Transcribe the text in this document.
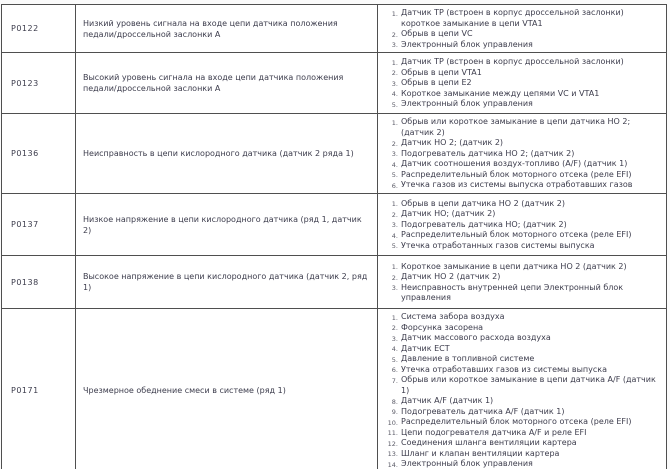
P0122	Низкий уровень сигнала на входе цепи датчика положения педали/дроссельной заслонки А	
Датчик TP (встроен в корпус дроссельной заслонки) короткое замыкание в цепи VTA1
Обрыв в цепи VC
Электронный блок управления

P0123	Высокий уровень сигнала на входе цепи датчика положения педали/дроссельной заслонки А	
Датчик TP (встроен в корпус дроссельной заслонки)
Обрыв в цепи VTA1
Обрыв в цепи E2
Короткое замыкание между цепями VC и VTA1
Электронный блок управления

P0136	Неисправность в цепи кислородного датчика (датчик 2 ряда 1)	
Обрыв или короткое замыкание в цепи датчика HO 2; (датчик 2)
Датчик HO 2; (датчик 2)
Подогреватель датчика HO 2; (датчик 2)
Датчик соотношения воздух-топливо (A/F) (датчик 1)
Распределительный блок моторного отсека (реле EFI)
Утечка газов из системы выпуска отработавших газов

P0137	Низкое напряжение в цепи кислородного датчика (ряд 1, датчик 2)	
Обрыв в цепи датчика HO 2 (датчик 2)
Датчик HO; (датчик 2)
Подогреватель датчика HO; (датчик 2)
Распределительный блок моторного отсека (реле EFI)
Утечка отработанных газов системы выпуска

P0138	Высокое напряжение в цепи кислородного датчика (датчик 2, ряд 1)	
Короткое замыкание в цепи датчика HO 2 (датчик 2)
Датчик HO 2 (датчик 2)
Неисправность внутренней цепи Электронный блок управления

P0171	Чрезмерное обеднение смеси в системе (ряд 1)	
Система забора воздуха
Форсунка засорена
Датчик массового расхода воздуха
Датчик ECT
Давление в топливной системе
Утечка отработавших газов из системы выпуска
Обрыв или короткое замыкание в цепи датчика A/F (датчик 1)
Датчик A/F (датчик 1)
Подогреватель датчика A/F (датчик 1)
Распределительный блок моторного отсека (реле EFI)
Цепи подогревателя датчика A/F и реле EFI
Соединения шланга вентиляции картера
Шланг и клапан вентиляции картера
Электронный блок управления
